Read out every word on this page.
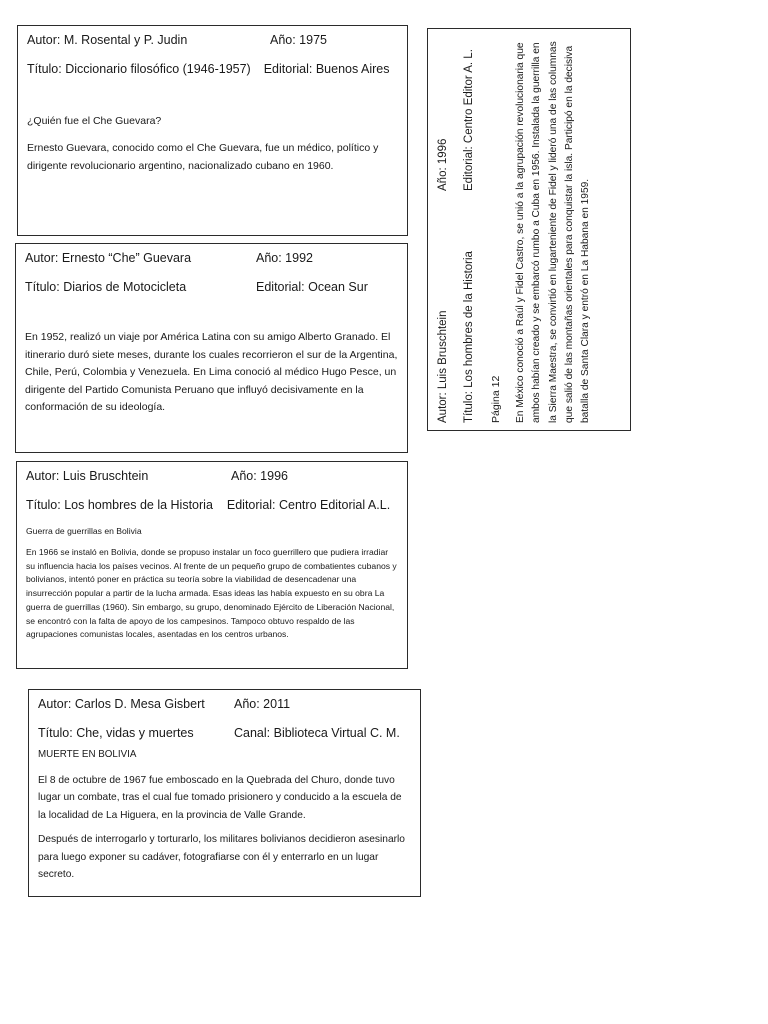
Autor: M. Rosental y P. Judin	Año: 1975
Título: Diccionario filosófico (1946-1957) Editorial: Buenos Aires
¿Quién fue el Che Guevara?

Ernesto Guevara, conocido como el Che Guevara, fue un médico, político y dirigente revolucionario argentino, nacionalizado cubano en 1960.

Autor: Ernesto “Che” Guevara	Año: 1992
Título: Diarios de Motocicleta	Editorial: Ocean Sur

En 1952, realizó un viaje por América Latina con su amigo Alberto Granado. El itinerario duró siete meses, durante los cuales recorrieron el sur de la Argentina, Chile, Perú, Colombia y Venezuela. En Lima conoció al médico Hugo Pesce, un dirigente del Partido Comunista Peruano que influyó decisivamente en la conformación de su ideología.

Autor: Luis Bruschtein	Año: 1996
Título: Los hombres de la Historia Editorial: Centro Editorial A.L.
Guerra de guerrillas en Bolivia

En 1966 se instaló en Bolivia, donde se propuso instalar un foco guerrillero que pudiera irradiar su influencia hacia los países vecinos. Al frente de un pequeño grupo de combatientes cubanos y bolivianos, intentó poner en práctica su teoría sobre la viabilidad de desencadenar una insurrección popular a partir de la lucha armada. Esas ideas las había expuesto en su obra La guerra de guerrillas (1960). Sin embargo, su grupo, denominado Ejército de Liberación Nacional, se encontró con la falta de apoyo de los campesinos. Tampoco obtuvo respaldo de las agrupaciones comunistas locales, asentadas en los centros urbanos.

Autor: Carlos D. Mesa Gisbert	Año: 2011
Título: Che, vidas y muertes	Canal: Biblioteca Virtual C. M.
MUERTE EN BOLIVIA

El 8 de octubre de 1967 fue emboscado en la Quebrada del Churo, donde tuvo lugar un combate, tras el cual fue tomado prisionero y conducido a la escuela de la localidad de La Higuera, en la provincia de Valle Grande.

Después de interrogarlo y torturarlo, los militares bolivianos decidieron asesinarlo para luego exponer su cadáver, fotografiarse con él y enterrarlo en un lugar secreto.

Autor: Luis Bruschtein
Año: 1996
Título: Los hombres de la Historia
Editorial: Centro Editor A. L.
Página 12 En México conoció a Raúl y Fidel Castro, se unió a la agrupación revolucionaria que ambos habían creado y se embarcó rumbo a Cuba en 1956. Instalada la guerrilla en la Sierra Maestra, se convirtió en lugarteniente de Fidel y lideró una de las columnas que salió de las montañas orientales para conquistar la isla. Participó en la decisiva batalla de Santa Clara y entró en La Habana en 1959.
